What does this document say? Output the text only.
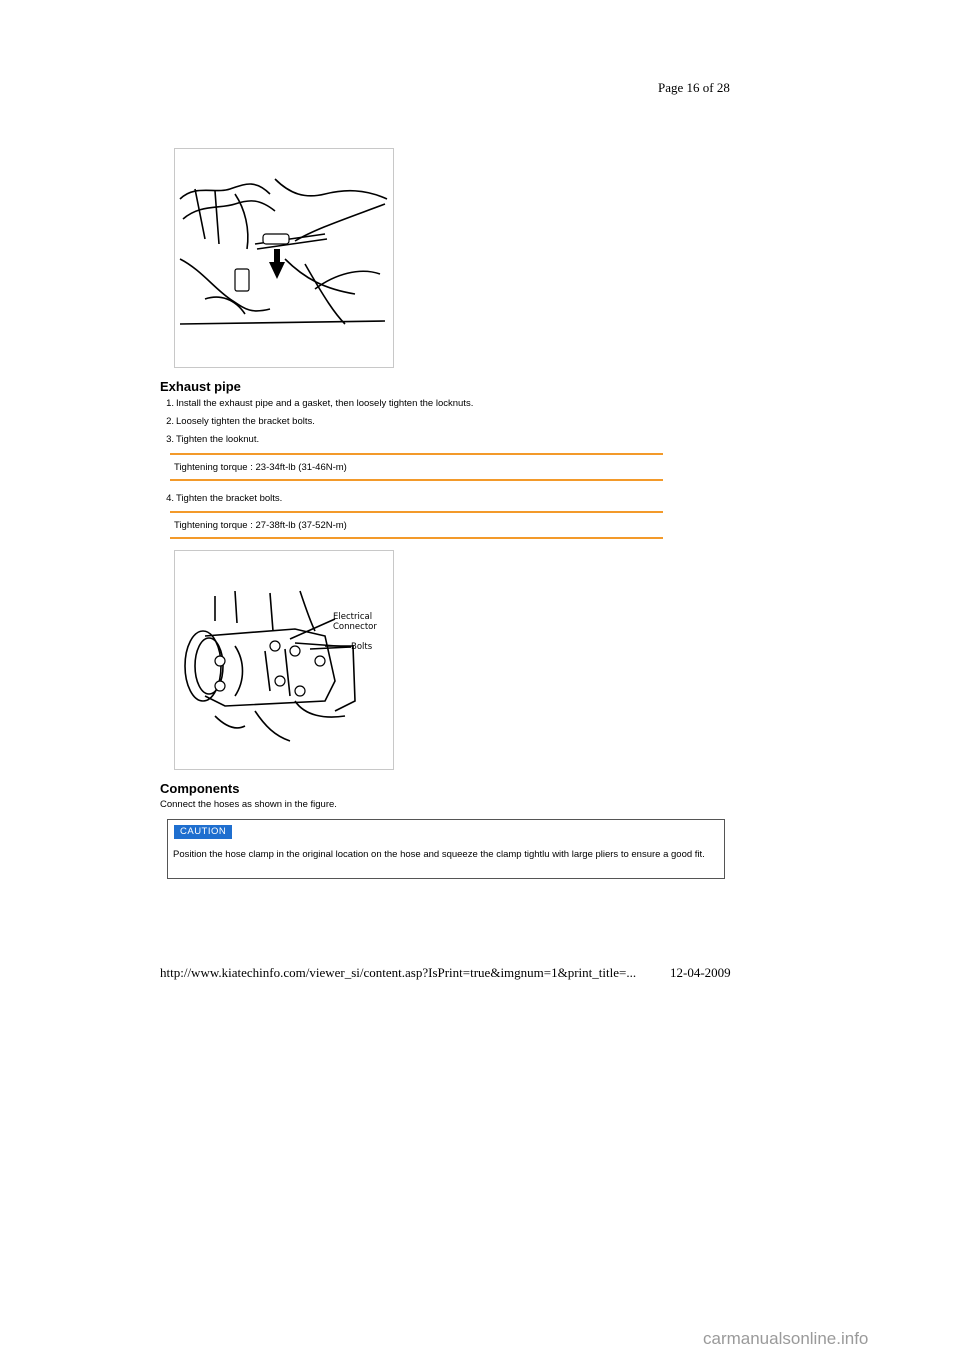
Page 16 of 28
Exhaust pipe
1. Install the exhaust pipe and a gasket, then loosely tighten the locknuts.
2. Loosely tighten the bracket bolts.
3. Tighten the looknut.
Tightening torque : 23-34ft-lb (31-46N-m)
4. Tighten the bracket bolts.
Tightening torque : 27-38ft-lb (37-52N-m)
Electrical
Connector
Bolts
Components
Connect the hoses as shown in the figure.
CAUTION
Position the hose clamp in the original location on the hose and squeeze the clamp tightlu with large pliers to ensure a good fit.
http://www.kiatechinfo.com/viewer_si/content.asp?IsPrint=true&imgnum=1&print_title=...	12-04-2009
carmanualsonline.info
